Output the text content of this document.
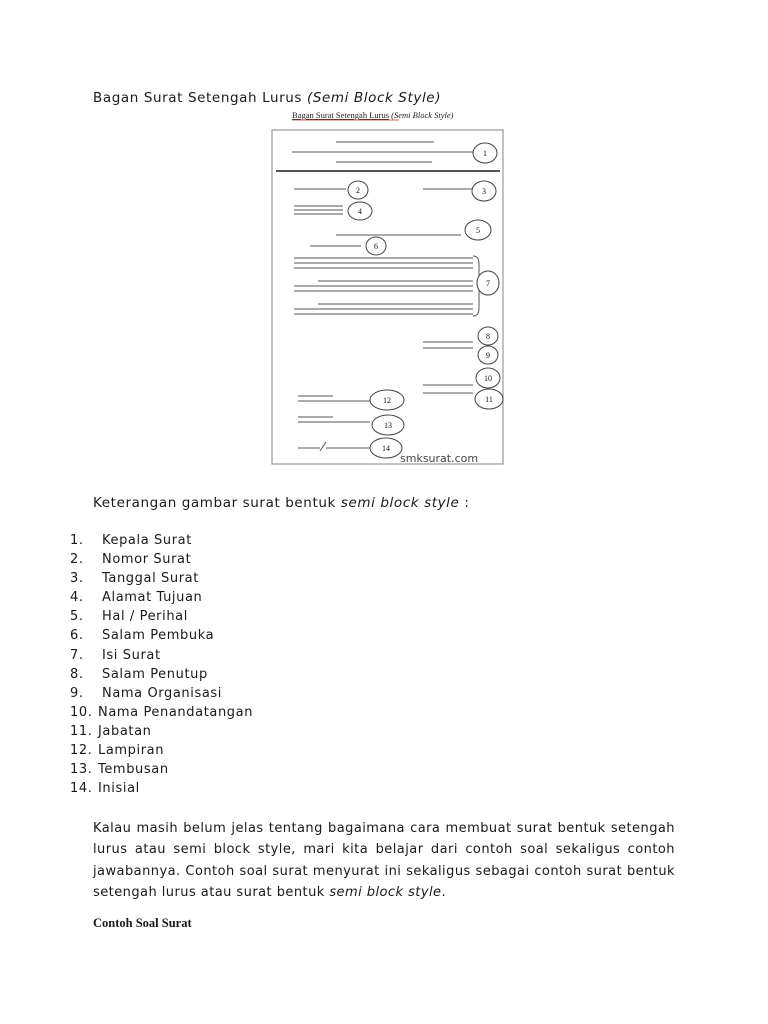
Bagan Surat Setengah Lurus (Semi Block Style)
Bagan Surat Setengah Lurus (Semi Block Style)
1
2	3
4
5
6
7
8
9
10
11
12
13
14
smksurat.com
Keterangan gambar surat bentuk semi block style :
1. Kepala Surat
2. Nomor Surat
3. Tanggal Surat
4. Alamat Tujuan
5. Hal / Perihal
6. Salam Pembuka
7. Isi Surat
8. Salam Penutup
9. Nama Organisasi
10. Nama Penandatangan
11. Jabatan
12. Lampiran
13. Tembusan
14. Inisial

Kalau masih belum jelas tentang bagaimana cara membuat surat bentuk setengah lurus atau semi block style, mari kita belajar dari contoh soal sekaligus contoh jawabannya. Contoh soal surat menyurat ini sekaligus sebagai contoh surat bentuk setengah lurus atau surat bentuk semi block style.

Contoh Soal Surat
